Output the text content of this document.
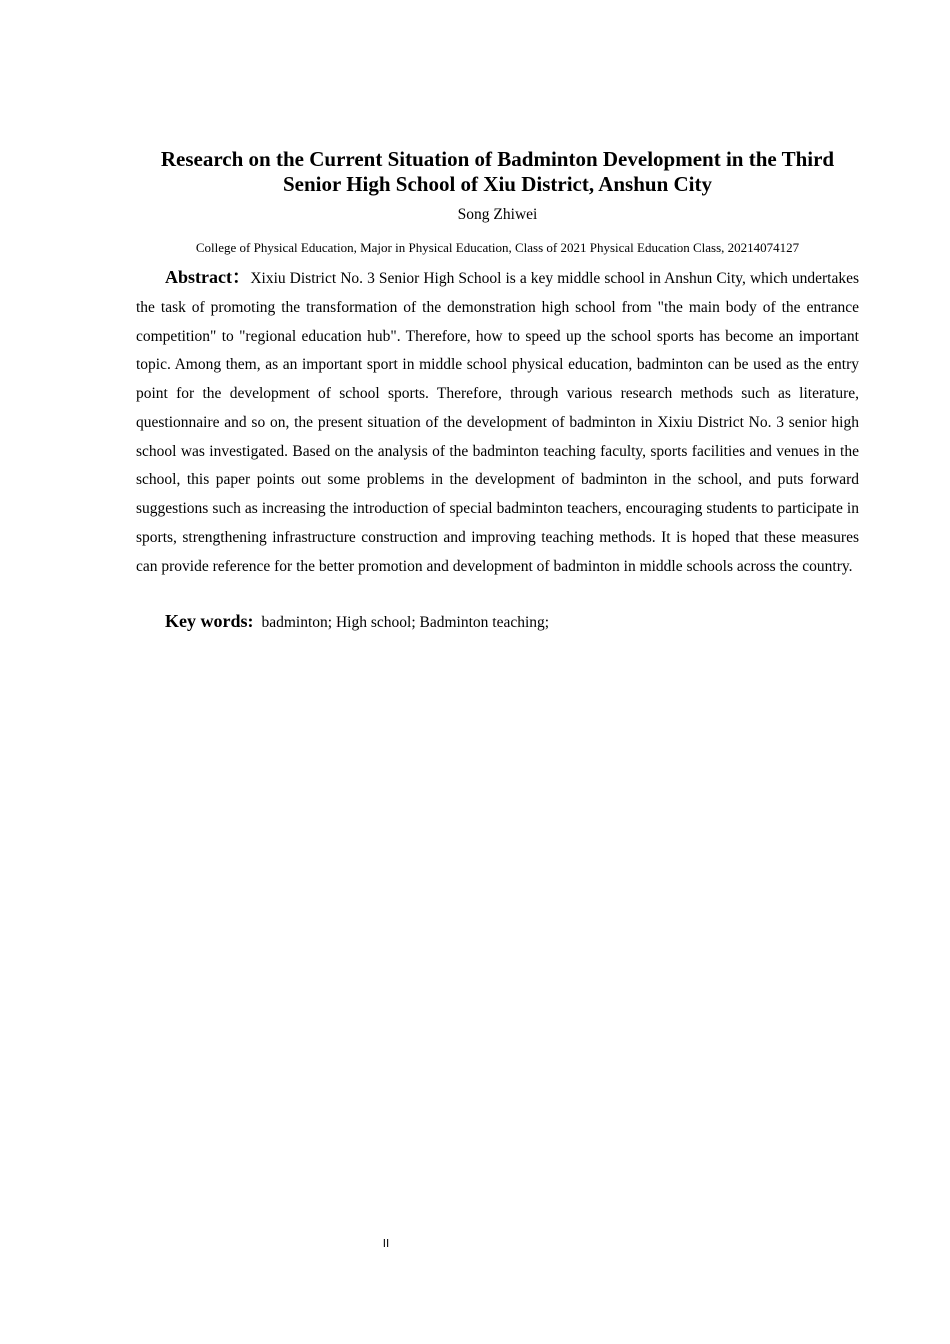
Research on the Current Situation of Badminton Development in the Third Senior High School of Xiu District, Anshun City
Song Zhiwei
College of Physical Education, Major in Physical Education, Class of 2021 Physical Education Class, 20214074127

Abstract：Xixiu District No. 3 Senior High School is a key middle school in Anshun City, which undertakes the task of promoting the transformation of the demonstration high school from "the main body of the entrance competition" to "regional education hub". Therefore, how to speed up the school sports has become an important topic. Among them, as an important sport in middle school physical education, badminton can be used as the entry point for the development of school sports. Therefore, through various research methods such as literature, questionnaire and so on, the present situation of the development of badminton in Xixiu District No. 3 senior high school was investigated. Based on the analysis of the badminton teaching faculty, sports facilities and venues in the school, this paper points out some problems in the development of badminton in the school, and puts forward suggestions such as increasing the introduction of special badminton teachers, encouraging students to participate in sports, strengthening infrastructure construction and improving teaching methods. It is hoped that these measures can provide reference for the better promotion and development of badminton in middle schools across the country.

Key words: badminton; High school; Badminton teaching;

II
